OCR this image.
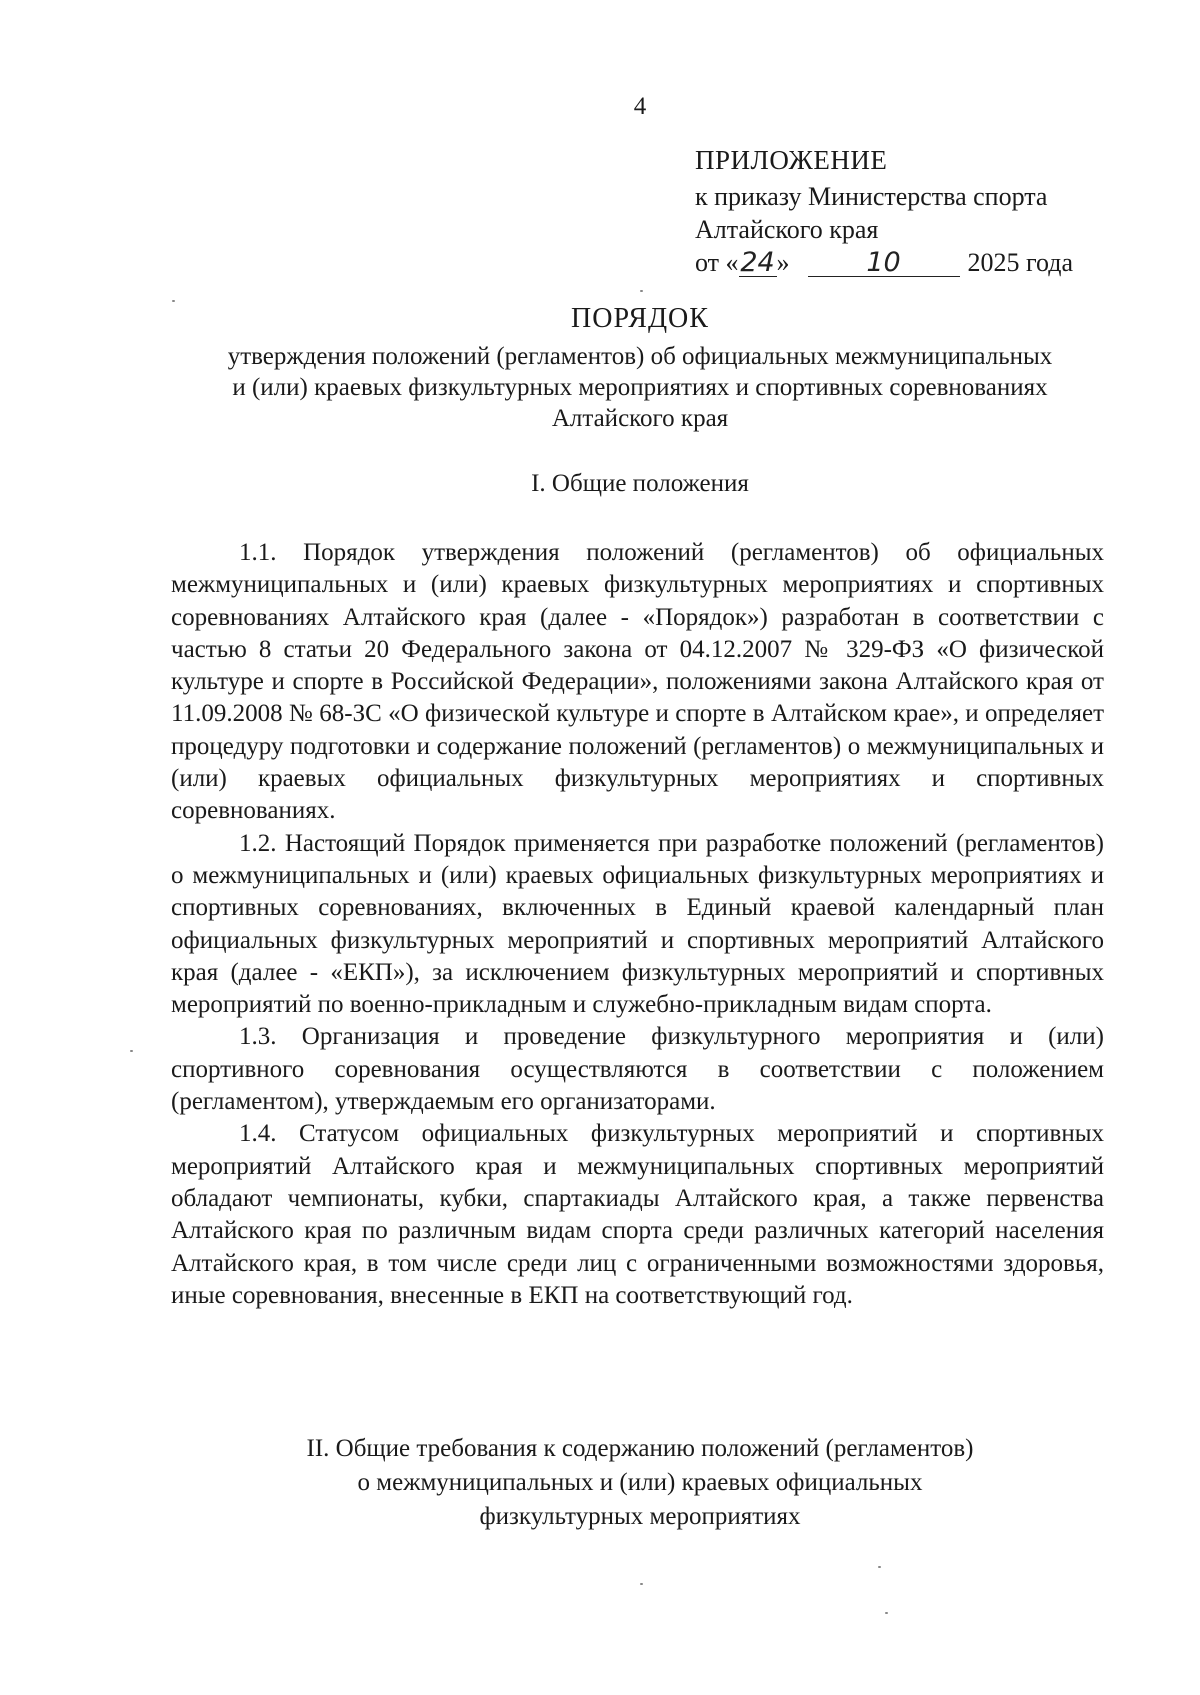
4
ПРИЛОЖЕНИЕ
к приказу Министерства спорта
Алтайского края
от « 24 »	10	2025 года
ПОРЯДОК
утверждения положений (регламентов) об официальных межмуниципальных
и (или) краевых физкультурных мероприятиях и спортивных соревнованиях
Алтайского края
I. Общие положения

1.1. Порядок утверждения положений (регламентов) об официальных межмуниципальных и (или) краевых физкультурных мероприятиях и спортивных соревнованиях Алтайского края (далее - «Порядок») разработан в соответствии с частью 8 статьи 20 Федерального закона от 04.12.2007 № 329-ФЗ «О физической культуре и спорте в Российской Федерации», положениями закона Алтайского края от 11.09.2008 № 68-ЗС «О физической культуре и спорте в Алтайском крае», и определяет процедуру подготовки и содержание положений (регламентов) о межмуниципальных и (или) краевых официальных физкультурных мероприятиях и спортивных соревнованиях.

1.2. Настоящий Порядок применяется при разработке положений (регламентов) о межмуниципальных и (или) краевых официальных физкультурных мероприятиях и спортивных соревнованиях, включенных в Единый краевой календарный план официальных физкультурных мероприятий и спортивных мероприятий Алтайского края (далее - «ЕКП»), за исключением физкультурных мероприятий и спортивных мероприятий по военно-прикладным и служебно-прикладным видам спорта.

1.3. Организация и проведение физкультурного мероприятия и (или) спортивного соревнования осуществляются в соответствии с положением (регламентом), утверждаемым его организаторами.

1.4. Статусом официальных физкультурных мероприятий и спортивных мероприятий Алтайского края и межмуниципальных спортивных мероприятий обладают чемпионаты, кубки, спартакиады Алтайского края, а также первенства Алтайского края по различным видам спорта среди различных категорий населения Алтайского края, в том числе среди лиц с ограниченными возможностями здоровья, иные соревнования, внесенные в ЕКП на соответствующий год.

II. Общие требования к содержанию положений (регламентов)
о межмуниципальных и (или) краевых официальных
физкультурных мероприятиях
